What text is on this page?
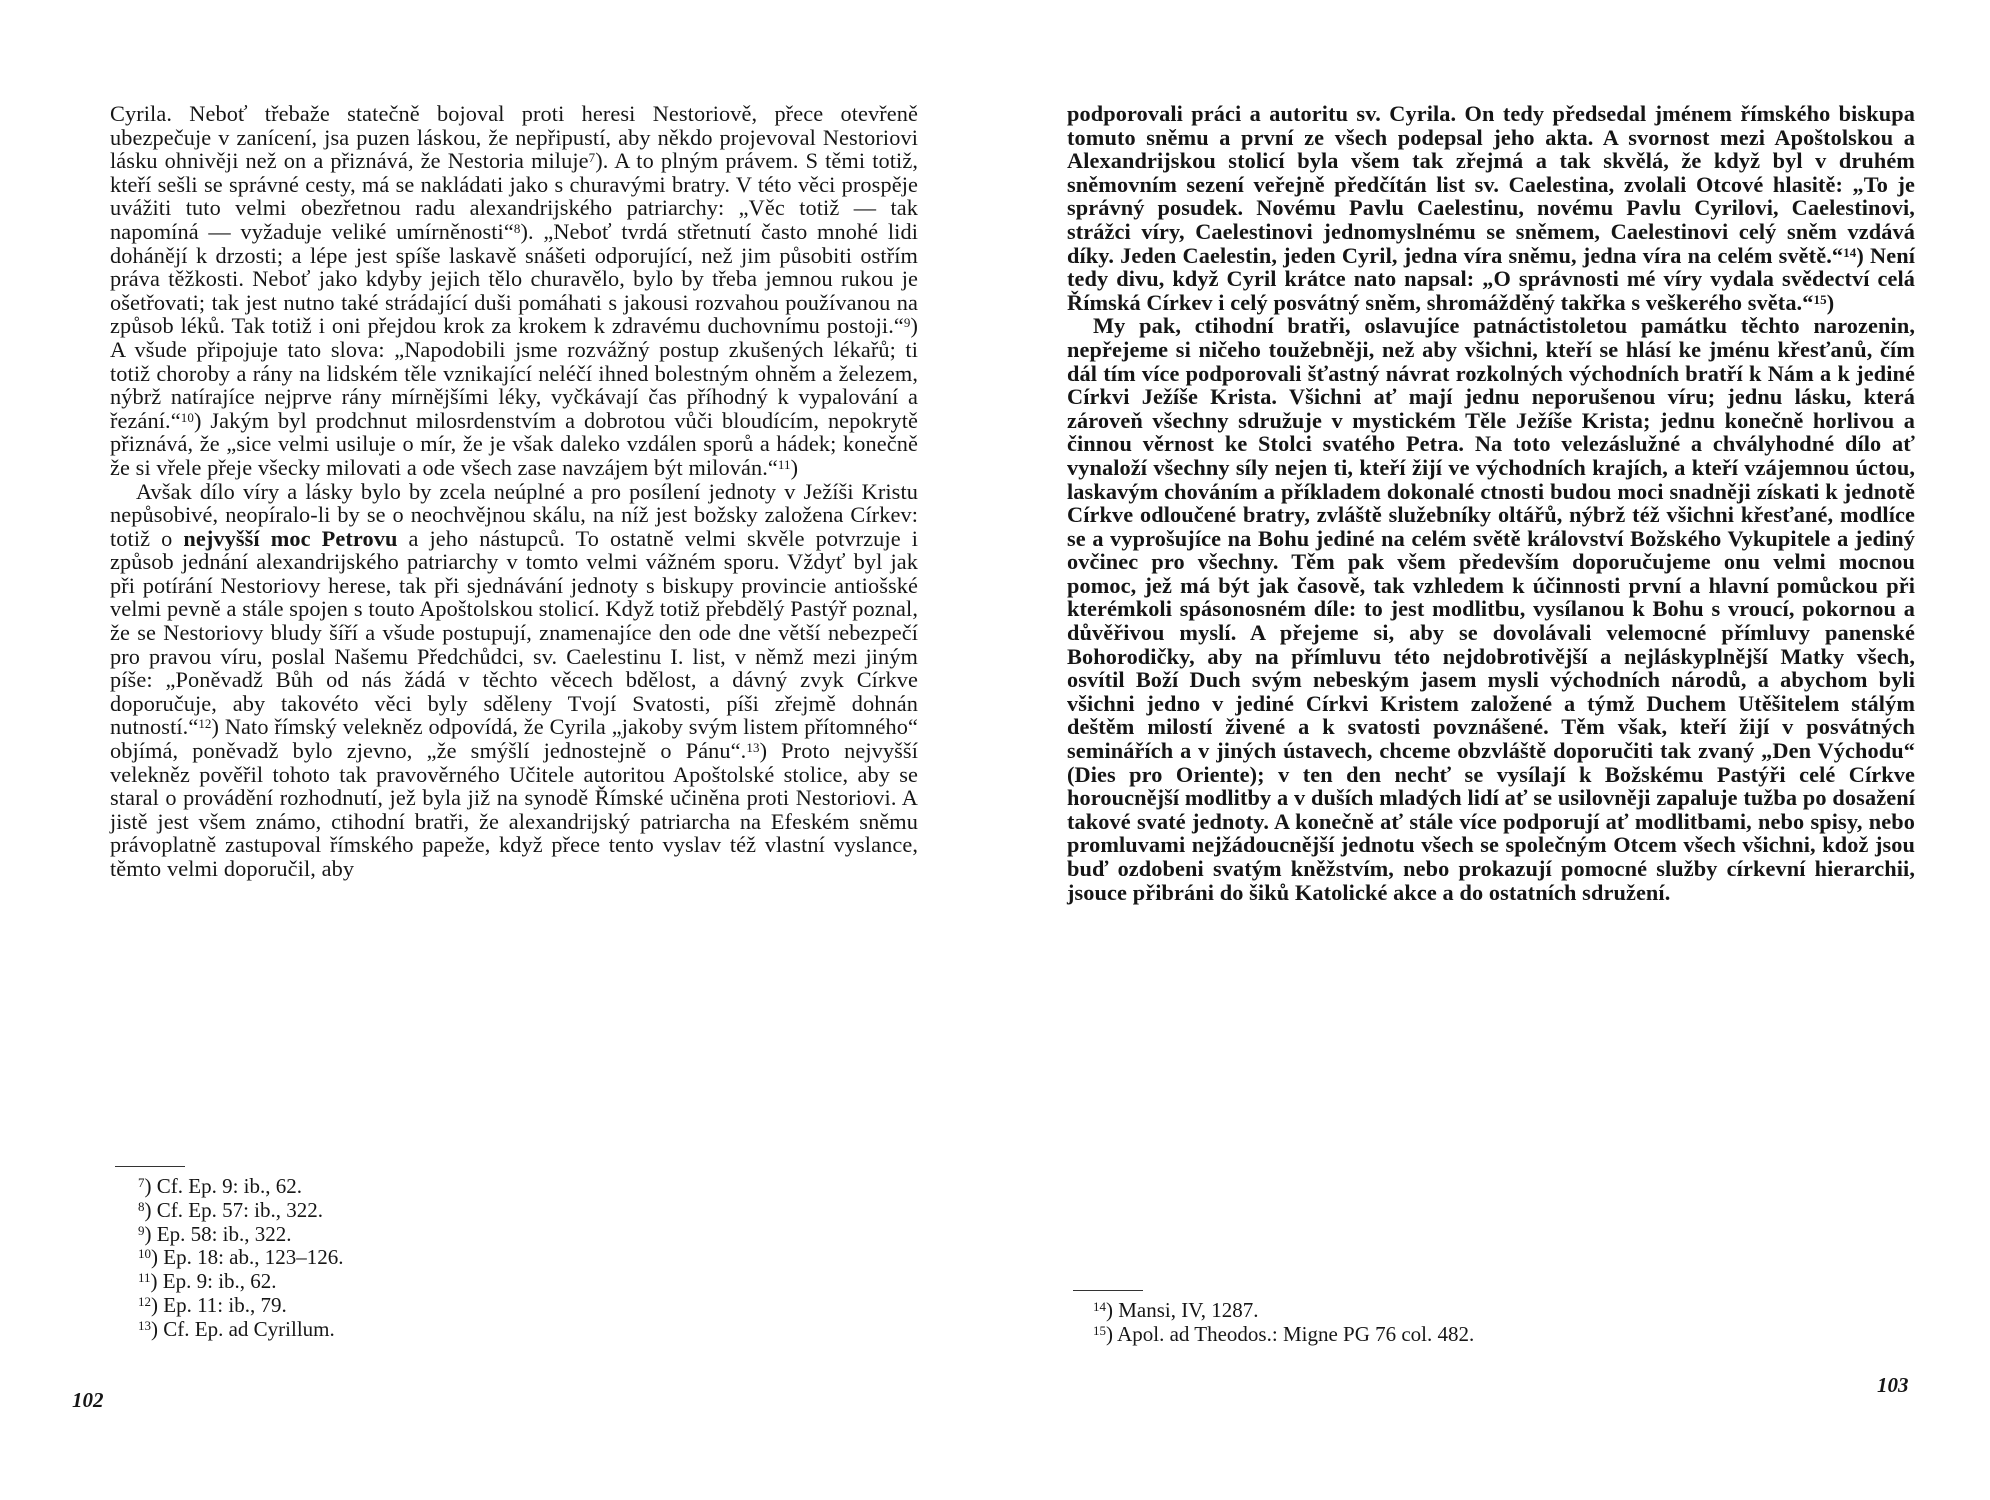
Cyrila. Neboť třebaže statečně bojoval proti heresi Nestoriově, přece otevřeně ubezpečuje v zanícení, jsa puzen láskou, že nepřipustí, aby někdo projevoval Nestoriovi lásku ohnivěji než on a přiznává, že Nestoria miluje$^7$). A to plným právem. S těmi totiž, kteří sešli se správné cesty, má se nakládati jako s churavými bratry. V této věci prospěje uvážiti tuto velmi obezřetnou radu alexandrijského patriarchy: „Věc totiž — tak napomíná — vyžaduje veliké umírněnosti“$^8$). „Neboť tvrdá střetnutí často mnohé lidi dohánějí k drzosti; a lépe jest spíše laskavě snášeti odporující, než jim působiti ostřím práva těžkosti. Neboť jako kdyby jejich tělo churavělo, bylo by třeba jemnou rukou je ošetřovati; tak jest nutno také strádající duši pomáhati s jakousi rozvahou používanou na způsob léků. Tak totiž i oni přejdou krok za krokem k zdravému duchovnímu postoji.“$^9$) A všude připojuje tato slova: „Napodobili jsme rozvážný postup zkušených lékařů; ti totiž choroby a rány na lidském těle vznikající neléčí ihned bolestným ohněm a železem, nýbrž natírajíce nejprve rány mírnějšími léky, vyčkávají čas příhodný k vypalování a řezání.“$^{10}$) Jakým byl prodchnut milosrdenstvím a dobrotou vůči bloudícím, nepokrytě přiznává, že „sice velmi usiluje o mír, že je však daleko vzdálen sporů a hádek; konečně že si vřele přeje všecky milovati a ode všech zase navzájem být milován.“$^{11}$)

Avšak dílo víry a lásky bylo by zcela neúplné a pro posílení jednoty v Ježíši Kristu nepůsobivé, neopíralo-li by se o neochvějnou skálu, na níž jest božsky založena Církev: totiž o nejvyšší moc Petrovu a jeho nástupců. To ostatně velmi skvěle potvrzuje i způsob jednání alexandrijského patriarchy v tomto velmi vážném sporu. Vždyť byl jak při potírání Nestoriovy herese, tak při sjednávání jednoty s biskupy provincie antiošské velmi pevně a stále spojen s touto Apoštolskou stolicí. Když totiž přebdělý Pastýř poznal, že se Nestoriovy bludy šíří a všude postupují, znamenajíce den ode dne větší nebezpečí pro pravou víru, poslal Našemu Předchůdci, sv. Caelestinu I. list, v němž mezi jiným píše: „Poněvadž Bůh od nás žádá v těchto věcech bdělost, a dávný zvyk Církve doporučuje, aby takovéto věci byly sděleny Tvojí Svatosti, píši zřejmě dohnán nutností.“$^{12}$) Nato římský velekněz odpovídá, že Cyrila „jakoby svým listem přítomného“ objímá, poněvadž bylo zjevno, „že smýšlí jednostejně o Pánu“.$^{13}$) Proto nejvyšší velekněz pověřil tohoto tak pravověrného Učitele autoritou Apoštolské stolice, aby se staral o provádění rozhodnutí, jež byla již na synodě Římské učiněna proti Nestoriovi. A jistě jest všem známo, ctihodní bratři, že alexandrijský patriarcha na Efeském sněmu právoplatně zastupoval římského papeže, když přece tento vyslav též vlastní vyslance, těmto velmi doporučil, aby

$^7$) Cf. Ep. 9: ib., 62.
$^8$) Cf. Ep. 57: ib., 322.
$^9$) Ep. 58: ib., 322.
$^{10}$) Ep. 18: ab., 123–126.
$^{11}$) Ep. 9: ib., 62.
$^{12}$) Ep. 11: ib., 79.
$^{13}$) Cf. Ep. ad Cyrillum.
102

podporovali práci a autoritu sv. Cyrila. On tedy předsedal jménem římského biskupa tomuto sněmu a první ze všech podepsal jeho akta. A svornost mezi Apoštolskou a Alexandrijskou stolicí byla všem tak zřejmá a tak skvělá, že když byl v druhém sněmovním sezení veřejně předčítán list sv. Caelestina, zvolali Otcové hlasitě: „To je správný posudek. Novému Pavlu Caelestinu, novému Pavlu Cyrilovi, Caelestinovi, strážci víry, Caelestinovi jednomyslnému se sněmem, Caelestinovi celý sněm vzdává díky. Jeden Caelestin, jeden Cyril, jedna víra sněmu, jedna víra na celém světě.“$^{14}$) Není tedy divu, když Cyril krátce nato napsal: „O správnosti mé víry vydala svědectví celá Římská Církev i celý posvátný sněm, shromážděný takřka s veškerého světa.“$^{15}$)

My pak, ctihodní bratři, oslavujíce patnáctistoletou památku těchto narozenin, nepřejeme si ničeho toužebněji, než aby všichni, kteří se hlásí ke jménu křesťanů, čím dál tím více podporovali šťastný návrat rozkolných východních bratří k Nám a k jediné Církvi Ježíše Krista. Všichni ať mají jednu neporušenou víru; jednu lásku, která zároveň všechny sdružuje v mystickém Těle Ježíše Krista; jednu konečně horlivou a činnou věrnost ke Stolci svatého Petra. Na toto velezáslužné a chvályhodné dílo ať vynaloží všechny síly nejen ti, kteří žijí ve východních krajích, a kteří vzájemnou úctou, laskavým chováním a příkladem dokonalé ctnosti budou moci snadněji získati k jednotě Církve odloučené bratry, zvláště služebníky oltářů, nýbrž též všichni křesťané, modlíce se a vyprošujíce na Bohu jediné na celém světě království Božského Vykupitele a jediný ovčinec pro všechny. Těm pak všem především doporučujeme onu velmi mocnou pomoc, jež má být jak časově, tak vzhledem k účinnosti první a hlavní pomůckou při kterémkoli spásonosném díle: to jest modlitbu, vysílanou k Bohu s vroucí, pokornou a důvěřivou myslí. A přejeme si, aby se dovolávali velemocné přímluvy panenské Bohorodičky, aby na přímluvu této nejdobrotivější a nejláskyplnější Matky všech, osvítil Boží Duch svým nebeským jasem mysli východních národů, a abychom byli všichni jedno v jediné Církvi Kristem založené a týmž Duchem Utěšitelem stálým deštěm milostí živené a k svatosti povznášené. Těm však, kteří žijí v posvátných seminářích a v jiných ústavech, chceme obzvláště doporučiti tak zvaný „Den Východu“ (Dies pro Oriente); v ten den nechť se vysílají k Božskému Pastýři celé Církve horoucnější modlitby a v duších mladých lidí ať se usilovněji zapaluje tužba po dosažení takové svaté jednoty. A konečně ať stále více podporují ať modlitbami, nebo spisy, nebo promluvami nejžádoucnější jednotu všech se společným Otcem všech všichni, kdož jsou buď ozdobeni svatým kněžstvím, nebo prokazují pomocné služby církevní hierarchii, jsouce přibráni do šiků Katolické akce a do ostatních sdružení.

$^{14}$) Mansi, IV, 1287.
$^{15}$) Apol. ad Theodos.: Migne PG 76 col. 482.
103
